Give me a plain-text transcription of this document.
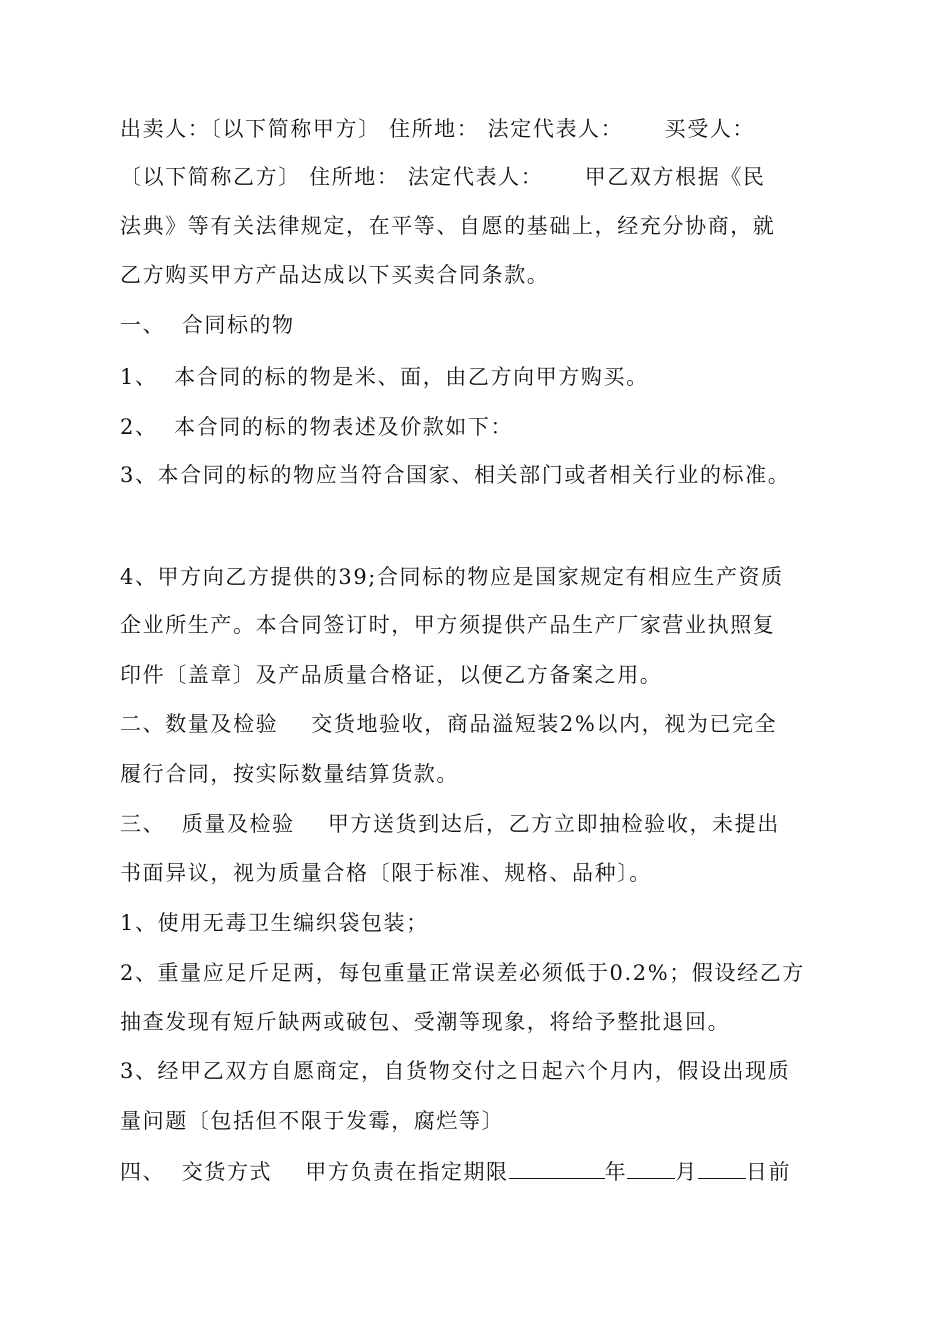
出卖人：〔以下简称甲方〕 住所地： 法定代表人：     买受人：
〔以下简称乙方〕 住所地： 法定代表人：     甲乙双方根据《民
法典》等有关法律规定，在平等、自愿的基础上，经充分协商，就
乙方购买甲方产品达成以下买卖合同条款。
一、  合同标的物
1、  本合同的标的物是米、面，由乙方向甲方购买。
2、  本合同的标的物表述及价款如下：
3、本合同的标的物应当符合国家、相关部门或者相关行业的标准。
4、甲方向乙方提供的39;合同标的物应是国家规定有相应生产资质
企业所生产。本合同签订时，甲方须提供产品生产厂家营业执照复
印件〔盖章〕及产品质量合格证，以便乙方备案之用。
二、数量及检验    交货地验收，商品溢短装2%以内，视为已完全
履行合同，按实际数量结算货款。
三、  质量及检验    甲方送货到达后，乙方立即抽检验收，未提出
书面异议，视为质量合格〔限于标准、规格、品种〕。
1、使用无毒卫生编织袋包装；
2、重量应足斤足两，每包重量正常误差必须低于0.2%；假设经乙方
抽查发现有短斤缺两或破包、受潮等现象，将给予整批退回。
3、经甲乙双方自愿商定，自货物交付之日起六个月内，假设出现质
量问题〔包括但不限于发霉，腐烂等〕
四、  交货方式    甲方负责在指定期限	年 月 日前
